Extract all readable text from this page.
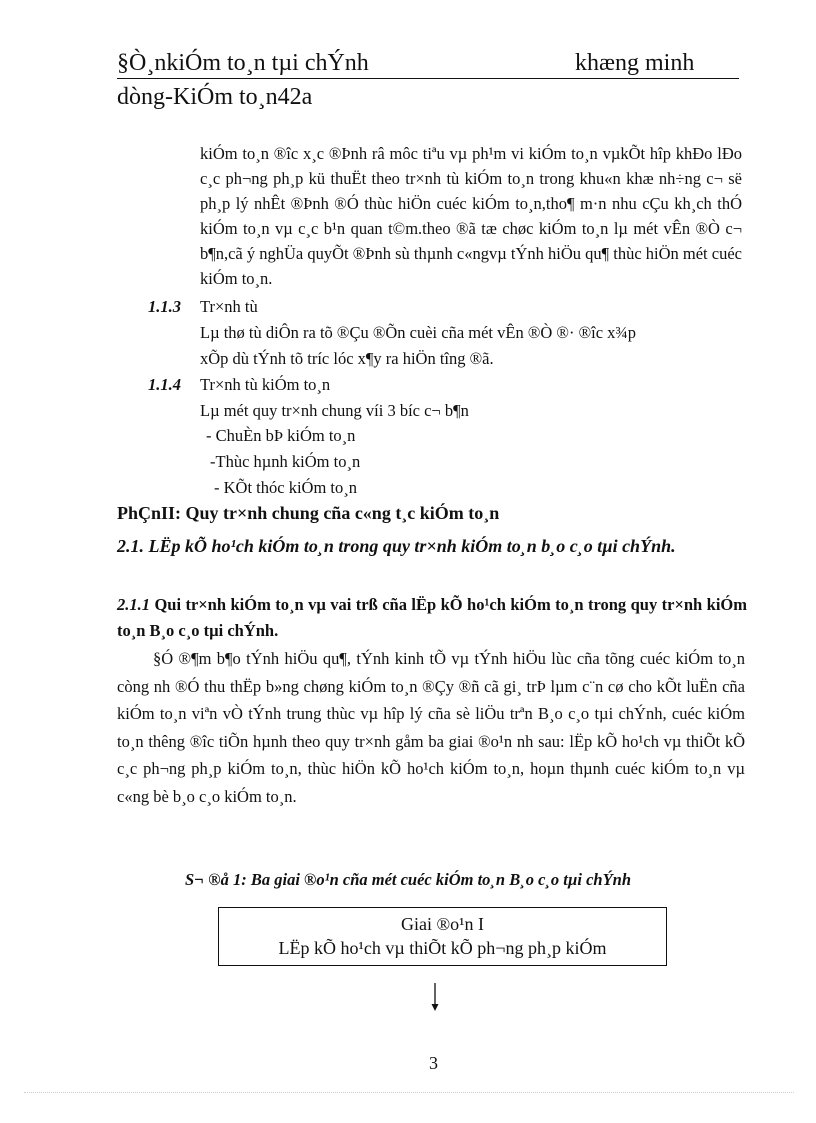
§Ò¸nkiÓm to¸n tµi chÝnh	khæng minh
dòng-KiÓm to¸n42a
kiÓm to¸n ®îc x¸c ®Þnh râ môc tiªu vµ ph¹m vi kiÓm to¸n vµkÕt hîp khÐo lÐo c¸c ph¬ng ph¸p kü thuËt theo tr×nh tù kiÓm to¸n trong khu«n khæ nh÷ng c¬ së ph¸p lý nhÊt ®Þnh ®Ó thùc hiÖn cuéc kiÓm to¸n,tho¶ m·n nhu cÇu kh¸ch thÓ kiÓm to¸n vµ c¸c b¹n quan t©m.theo ®ã tæ chøc kiÓm to¸n lµ mét vÊn ®Ò c¬ b¶n,cã ý nghÜa quyÕt ®Þnh sù thµnh c«ngvµ tÝnh hiÖu qu¶ thùc hiÖn mét cuéc kiÓm to¸n.
1.1.3 Tr×nh tù
Lµ thø tù diÔn ra tõ ®Çu ®Õn cuèi cña mét vÊn ®Ò ®· ®îc x¾p
xÕp dù tÝnh tõ tríc lóc x¶y ra hiÖn tîng ®ã.
1.1.4 Tr×nh tù kiÓm to¸n
Lµ mét quy tr×nh chung víi 3 bíc c¬ b¶n
- ChuÈn bÞ kiÓm to¸n
-Thùc hµnh kiÓm to¸n
- KÕt thóc kiÓm to¸n
PhÇnII: Quy tr×nh chung cña c«ng t¸c kiÓm to¸n
2.1. LËp kÕ ho¹ch kiÓm to¸n trong quy tr×nh kiÓm to¸n b¸o c¸o tµi chÝnh.
2.1.1 Qui tr×nh kiÓm to¸n vµ vai trß cña lËp kÕ ho¹ch kiÓm to¸n trong quy tr×nh kiÓm to¸n B¸o c¸o tµi chÝnh.
§Ó ®¶m b¶o tÝnh hiÖu qu¶, tÝnh kinh tÕ vµ tÝnh hiÖu lùc cña tõng cuéc kiÓm to¸n còng nh ®Ó thu thËp b»ng chøng kiÓm to¸n ®Çy ®ñ cã gi¸ trÞ lµm c¨n cø cho kÕt luËn cña kiÓm to¸n viªn vÒ tÝnh trung thùc vµ hîp lý cña sè liÖu trªn B¸o c¸o tµi chÝnh, cuéc kiÓm to¸n thêng ®îc tiÕn hµnh theo quy tr×nh gåm ba giai ®o¹n nh sau: lËp kÕ ho¹ch vµ thiÕt kÕ c¸c ph¬ng ph¸p kiÓm to¸n, thùc hiÖn kÕ ho¹ch kiÓm to¸n, hoµn thµnh cuéc kiÓm to¸n vµ c«ng bè b¸o c¸o kiÓm to¸n.
S¬ ®å 1: Ba giai ®o¹n cña mét cuéc kiÓm to¸n B¸o c¸o tµi chÝnh
Giai ®o¹n I
LËp kÕ ho¹ch vµ thiÕt kÕ ph¬ng ph¸p kiÓm
3
